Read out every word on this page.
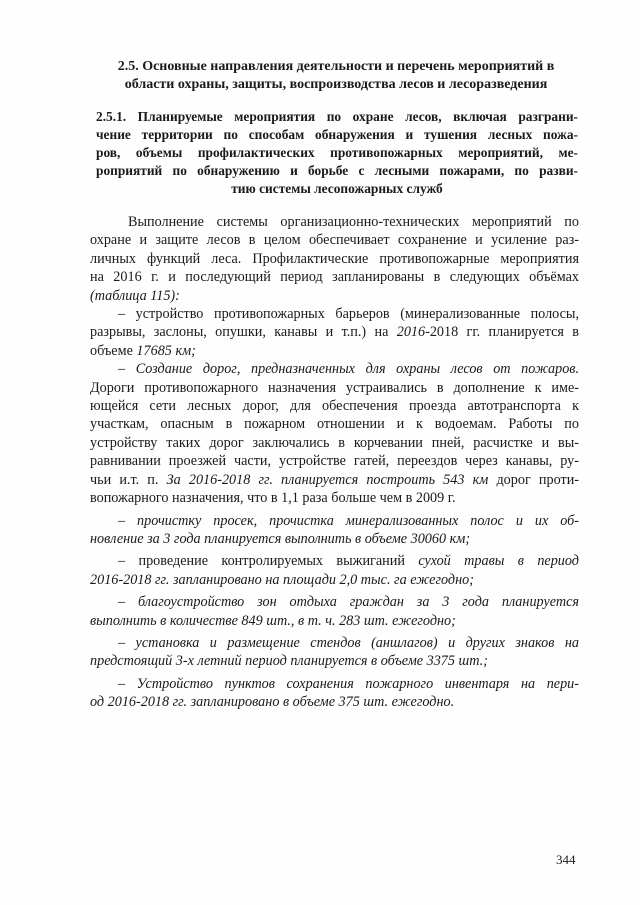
2.5. Основные направления деятельности и перечень мероприятий в
области охраны, защиты, воспроизводства лесов и лесоразведения
2.5.1. Планируемые мероприятия по охране лесов, включая разграни-
чение территории по способам обнаружения и тушения лесных пожа-
ров, объемы профилактических противопожарных мероприятий, ме-
роприятий по обнаружению и борьбе с лесными пожарами, по разви-
тию системы лесопожарных служб
Выполнение системы организационно-технических мероприятий по
охране и защите лесов в целом обеспечивает сохранение и усиление раз-
личных функций леса. Профилактические противопожарные мероприятия
на 2016 г. и последующий период запланированы в следующих объёмах
(таблица 115):
– устройство противопожарных барьеров (минерализованные полосы,
разрывы, заслоны, опушки, канавы и т.п.) на 2016-2018 гг. планируется в
объеме 17685 км;
– Создание дорог, предназначенных для охраны лесов от пожаров.
Дороги противопожарного назначения устраивались в дополнение к име-
ющейся сети лесных дорог, для обеспечения проезда автотранспорта к
участкам, опасным в пожарном отношении и к водоемам. Работы по
устройству таких дорог заключались в корчевании пней, расчистке и вы-
равнивании проезжей части, устройстве гатей, переездов через канавы, ру-
чьи и.т. п. За 2016-2018 гг. планируется построить 543 км дорог проти-
вопожарного назначения, что в 1,1 раза больше чем в 2009 г.
– прочистку просек, прочистка минерализованных полос и их об-
новление за 3 года планируется выполнить в объеме 30060 км;
– проведение контролируемых выжиганий сухой травы в период
2016-2018 гг. запланировано на площади 2,0 тыс. га ежегодно;
– благоустройство зон отдыха граждан за 3 года планируется
выполнить в количестве 849 шт., в т. ч. 283 шт. ежегодно;
– установка и размещение стендов (аншлагов) и других знаков на
предстоящий 3-х летний период планируется в объеме 3375 шт.;
– Устройство пунктов сохранения пожарного инвентаря на пери-
од 2016-2018 гг. запланировано в объеме 375 шт. ежегодно.
344
